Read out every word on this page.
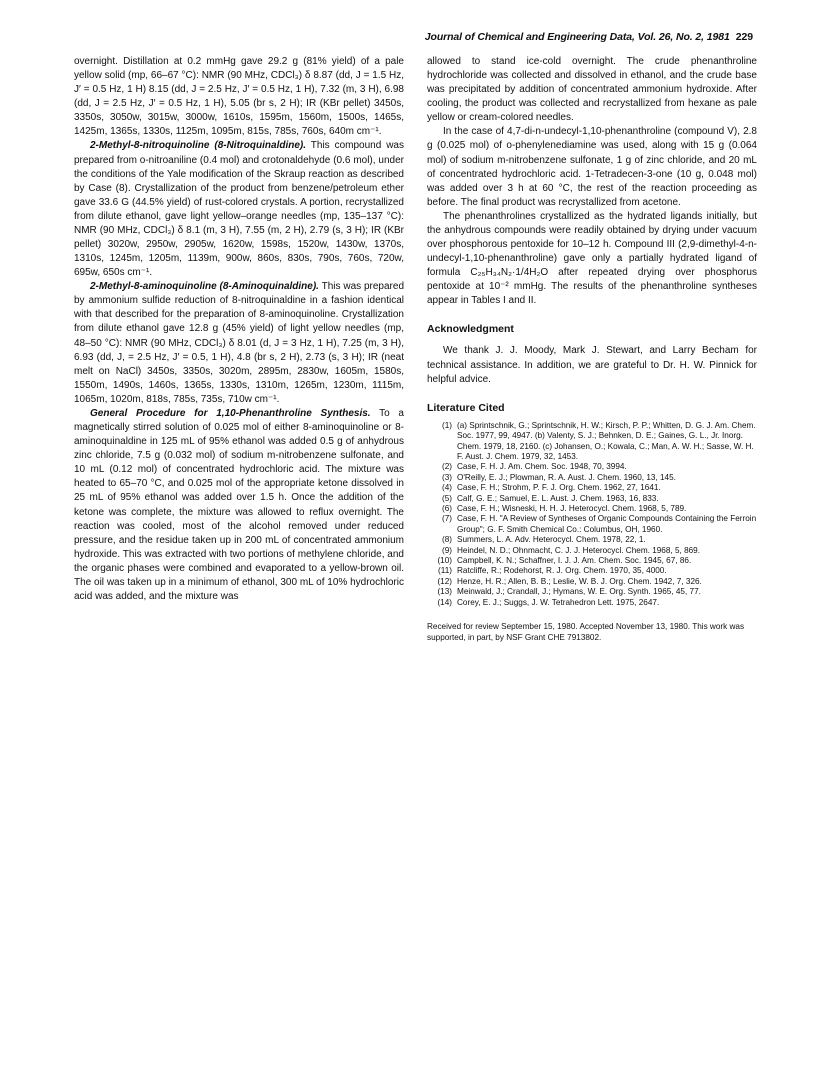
Journal of Chemical and Engineering Data, Vol. 26, No. 2, 1981 229

overnight. Distillation at 0.2 mmHg gave 29.2 g (81% yield) of a pale yellow solid (mp, 66–67 °C): NMR (90 MHz, CDCl₃) δ 8.87 (dd, J = 1.5 Hz, J′ = 0.5 Hz, 1 H) 8.15 (dd, J = 2.5 Hz, J′ = 0.5 Hz, 1 H), 7.32 (m, 3 H), 6.98 (dd, J = 2.5 Hz, J′ = 0.5 Hz, 1 H), 5.05 (br s, 2 H); IR (KBr pellet) 3450s, 3350s, 3050w, 3015w, 3000w, 1610s, 1595m, 1560m, 1500s, 1465s, 1425m, 1365s, 1330s, 1125m, 1095m, 815s, 785s, 760s, 640m cm⁻¹.

2-Methyl-8-nitroquinoline (8-Nitroquinaldine). This compound was prepared from o-nitroaniline (0.4 mol) and crotonaldehyde (0.6 mol), under the conditions of the Yale modification of the Skraup reaction as described by Case (8). Crystallization of the product from benzene/petroleum ether gave 33.6 G (44.5% yield) of rust-colored crystals. A portion, recrystallized from dilute ethanol, gave light yellow–orange needles (mp, 135–137 °C): NMR (90 MHz, CDCl₃) δ 8.1 (m, 3 H), 7.55 (m, 2 H), 2.79 (s, 3 H); IR (KBr pellet) 3020w, 2950w, 2905w, 1620w, 1598s, 1520w, 1430w, 1370s, 1310s, 1245m, 1205m, 1139m, 900w, 860s, 830s, 790s, 760s, 720w, 695w, 650s cm⁻¹.

2-Methyl-8-aminoquinoline (8-Aminoquinaldine). This was prepared by ammonium sulfide reduction of 8-nitroquinaldine in a fashion identical with that described for the preparation of 8-aminoquinoline. Crystallization from dilute ethanol gave 12.8 g (45% yield) of light yellow needles (mp, 48–50 °C): NMR (90 MHz, CDCl₃) δ 8.01 (d, J = 3 Hz, 1 H), 7.25 (m, 3 H), 6.93 (dd, J, = 2.5 Hz, J′ = 0.5, 1 H), 4.8 (br s, 2 H), 2.73 (s, 3 H); IR (neat melt on NaCl) 3450s, 3350s, 3020m, 2895m, 2830w, 1605m, 1580s, 1550m, 1490s, 1460s, 1365s, 1330s, 1310m, 1265m, 1230m, 1115m, 1065m, 1020m, 818s, 785s, 735s, 710w cm⁻¹.

General Procedure for 1,10-Phenanthroline Synthesis. To a magnetically stirred solution of 0.025 mol of either 8-aminoquinoline or 8-aminoquinaldine in 125 mL of 95% ethanol was added 0.5 g of anhydrous zinc chloride, 7.5 g (0.032 mol) of sodium m-nitrobenzene sulfonate, and 10 mL (0.12 mol) of concentrated hydrochloric acid. The mixture was heated to 65–70 °C, and 0.025 mol of the appropriate ketone dissolved in 25 mL of 95% ethanol was added over 1.5 h. Once the addition of the ketone was complete, the mixture was allowed to reflux overnight. The reaction was cooled, most of the alcohol removed under reduced pressure, and the residue taken up in 200 mL of concentrated ammonium hydroxide. This was extracted with two portions of methylene chloride, and the organic phases were combined and evaporated to a yellow-brown oil. The oil was taken up in a minimum of ethanol, 300 mL of 10% hydrochloric acid was added, and the mixture was

allowed to stand ice-cold overnight. The crude phenanthroline hydrochloride was collected and dissolved in ethanol, and the crude base was precipitated by addition of concentrated ammonium hydroxide. After cooling, the product was collected and recrystallized from hexane as pale yellow or cream-colored needles.

In the case of 4,7-di-n-undecyl-1,10-phenanthroline (compound V), 2.8 g (0.025 mol) of o-phenylenediamine was used, along with 15 g (0.064 mol) of sodium m-nitrobenzene sulfonate, 1 g of zinc chloride, and 20 mL of concentrated hydrochloric acid. 1-Tetradecen-3-one (10 g, 0.048 mol) was added over 3 h at 60 °C, the rest of the reaction proceeding as before. The final product was recrystallized from acetone.

The phenanthrolines crystallized as the hydrated ligands initially, but the anhydrous compounds were readily obtained by drying under vacuum over phosphorous pentoxide for 10–12 h. Compound III (2,9-dimethyl-4-n-undecyl-1,10-phenanthroline) gave only a partially hydrated ligand of formula C₂₅H₃₄N₂·1/4H₂O after repeated drying over phosphorus pentoxide at 10⁻² mmHg. The results of the phenanthroline syntheses appear in Tables I and II.

Acknowledgment

We thank J. J. Moody, Mark J. Stewart, and Larry Becham for technical assistance. In addition, we are grateful to Dr. H. W. Pinnick for helpful advice.

Literature Cited
(1) (a) Sprintschnik, G.; Sprintschnik, H. W.; Kirsch, P. P.; Whitten, D. G. J. Am. Chem. Soc. 1977, 99, 4947. (b) Valenty, S. J.; Behnken, D. E.; Gaines, G. L., Jr. Inorg. Chem. 1979, 18, 2160. (c) Johansen, O.; Kowala, C.; Man, A. W. H.; Sasse, W. H. F. Aust. J. Chem. 1979, 32, 1453.
(2) Case, F. H. J. Am. Chem. Soc. 1948, 70, 3994.
(3) O'Reilly, E. J.; Plowman, R. A. Aust. J. Chem. 1960, 13, 145.
(4) Case, F. H.; Strohm, P. F. J. Org. Chem. 1962, 27, 1641.
(5) Calf, G. E.; Samuel, E. L. Aust. J. Chem. 1963, 16, 833.
(6) Case, F. H.; Wisneski, H. H. J. Heterocycl. Chem. 1968, 5, 789.
(7) Case, F. H. "A Review of Syntheses of Organic Compounds Containing the Ferroin Group"; G. F. Smith Chemical Co.: Columbus, OH, 1960.
(8) Summers, L. A. Adv. Heterocycl. Chem. 1978, 22, 1.
(9) Heindel, N. D.; Ohnmacht, C. J. J. Heterocycl. Chem. 1968, 5, 869.
(10) Campbell, K. N.; Schaffner, I. J. J. Am. Chem. Soc. 1945, 67, 86.
(11) Ratcliffe, R.; Rodehorst, R. J. Org. Chem. 1970, 35, 4000.
(12) Henze, H. R.; Allen, B. B.; Leslie, W. B. J. Org. Chem. 1942, 7, 326.
(13) Meinwald, J.; Crandall, J.; Hymans, W. E. Org. Synth. 1965, 45, 77.
(14) Corey, E. J.; Suggs, J. W. Tetrahedron Lett. 1975, 2647.

Received for review September 15, 1980. Accepted November 13, 1980. This work was supported, in part, by NSF Grant CHE 7913802.
